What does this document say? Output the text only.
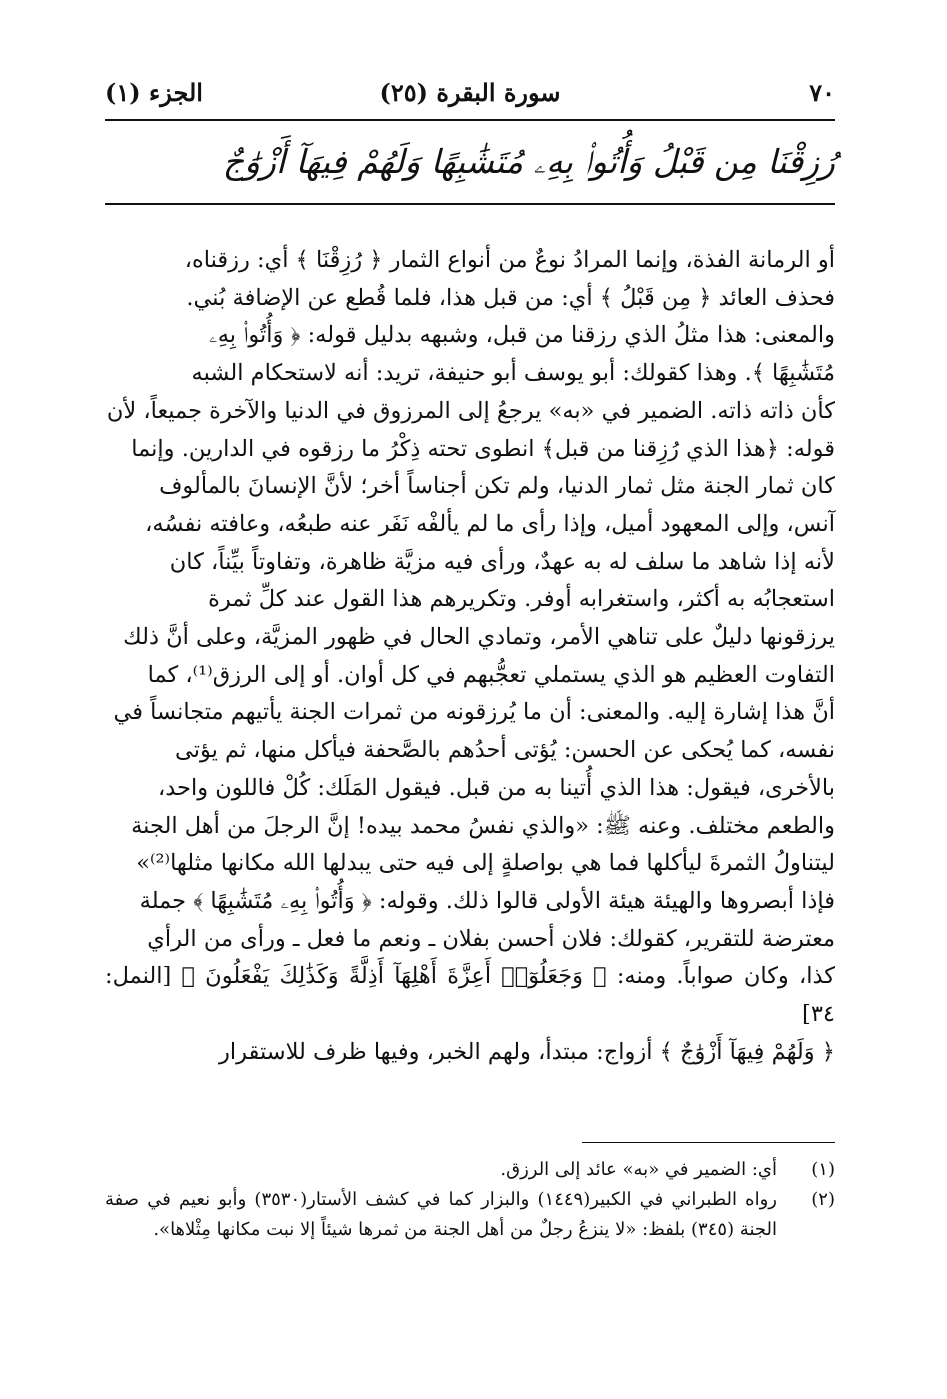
٧٠
سورة البقرة (٢٥)
الجزء (١)
رُزِقْنَا مِن قَبْلُ وَأُتُوا۟ بِهِۦ مُتَشَٰبِهًا وَلَهُمْ فِيهَآ أَزْوَٰجٌ
أو الرمانة الفذة، وإنما المرادُ نوعٌ من أنواع الثمار ﴿ رُزِقْنَا ﴾ أي: رزقناه،
فحذف العائد ﴿ مِن قَبْلُ ﴾ أي: من قبل هذا، فلما قُطع عن الإضافة بُني.
والمعنى: هذا مثلُ الذي رزقنا من قبل، وشبهه بدليل قوله: ﴿ وَأُتُوا۟ بِهِۦ
مُتَشَٰبِهًا ﴾. وهذا كقولك: أبو يوسف أبو حنيفة، تريد: أنه لاستحكام الشبه
كأن ذاته ذاته. الضمير في «به» يرجعُ إلى المرزوق في الدنيا والآخرة جميعاً، لأن
قوله: ﴿هذا الذي رُزِقنا من قبل﴾ انطوى تحته ذِكْرُ ما رزقوه في الدارين. وإنما
كان ثمار الجنة مثل ثمار الدنيا، ولم تكن أجناساً أخر؛ لأنَّ الإنسانَ بالمألوف
آنس، وإلى المعهود أميل، وإذا رأى ما لم يألفْه نَفَر عنه طبعُه، وعافته نفسُه،
لأنه إذا شاهد ما سلف له به عهدٌ، ورأى فيه مزيَّة ظاهرة، وتفاوتاً بيِّناً، كان
استعجابُه به أكثر، واستغرابه أوفر. وتكريرهم هذا القول عند كلِّ ثمرة
يرزقونها دليلٌ على تناهي الأمر، وتمادي الحال في ظهور المزيَّة، وعلى أنَّ ذلك
التفاوت العظيم هو الذي يستملي تعجُّبهم في كل أوان. أو إلى الرزق⁽¹⁾، كما
أنَّ هذا إشارة إليه. والمعنى: أن ما يُرزقونه من ثمرات الجنة يأتيهم متجانساً في
نفسه، كما يُحكى عن الحسن: يُؤتى أحدُهم بالصَّحفة فيأكل منها، ثم يؤتى
بالأخرى، فيقول: هذا الذي أُتينا به من قبل. فيقول المَلَك: كُلْ فاللون واحد،
والطعم مختلف. وعنه ﷺ: «والذي نفسُ محمد بيده! إنَّ الرجلَ من أهل الجنة
ليتناولُ الثمرةَ ليأكلها فما هي بواصلةٍ إلى فيه حتى يبدلها الله مكانها مثلها⁽²⁾»
فإذا أبصروها والهيئة هيئة الأولى قالوا ذلك. وقوله: ﴿ وَأُتُوا۟ بِهِۦ مُتَشَٰبِهًا ﴾ جملة
معترضة للتقرير، كقولك: فلان أحسن بفلان ـ ونعم ما فعل ـ ورأى من الرأي
كذا، وكان صواباً. ومنه: ﴿ وَجَعَلُوٓا۟ أَعِزَّةَ أَهْلِهَآ أَذِلَّةً وَكَذَٰلِكَ يَفْعَلُونَ ﴾ [النمل: ٣٤]
﴿ وَلَهُمْ فِيهَآ أَزْوَٰجٌ ﴾ أزواج: مبتدأ، ولهم الخبر، وفيها ظرف للاستقرار
(١)
أي: الضمير في «به» عائد إلى الرزق.
(٢)
رواه الطبراني في الكبير(١٤٤٩) والبزار كما في كشف الأستار(٣٥٣٠) وأبو نعيم في صفة الجنة (٣٤٥) بلفظ: «لا ينزعُ رجلٌ من أهل الجنة من ثمرها شيئاً إلا نبت مكانها مِثْلاها».
